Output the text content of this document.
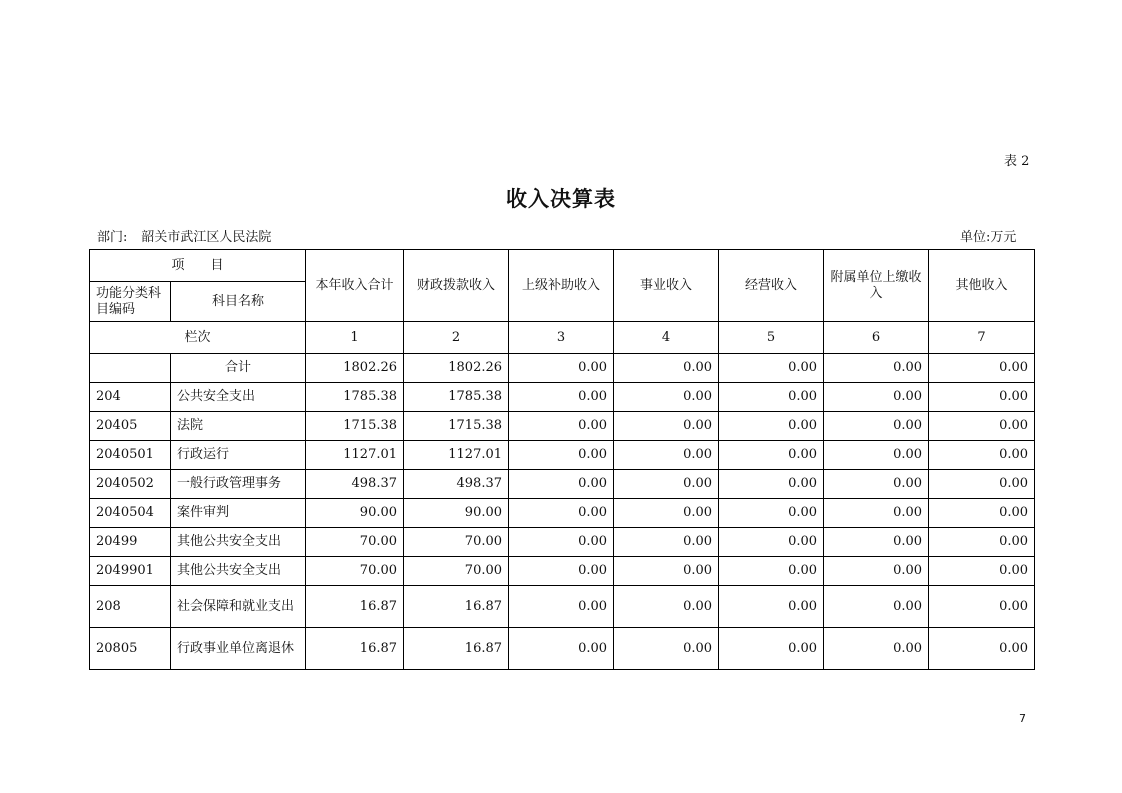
表 2
收入决算表
部门: 韶关市武江区人民法院	单位:万元
项　　目		本年收入合计	财政拨款收入	上级补助收入	事业收入	经营收入	附属单位上缴收入	其他收入
功能分类科目编码	科目名称							
栏次		1	2	3	4	5	6	7
	合计	1802.26	1802.26	0.00	0.00	0.00	0.00	0.00
204	公共安全支出	1785.38	1785.38	0.00	0.00	0.00	0.00	0.00
20405	法院	1715.38	1715.38	0.00	0.00	0.00	0.00	0.00
2040501	行政运行	1127.01	1127.01	0.00	0.00	0.00	0.00	0.00
2040502	一般行政管理事务	498.37	498.37	0.00	0.00	0.00	0.00	0.00
2040504	案件审判	90.00	90.00	0.00	0.00	0.00	0.00	0.00
20499	其他公共安全支出	70.00	70.00	0.00	0.00	0.00	0.00	0.00
2049901	其他公共安全支出	70.00	70.00	0.00	0.00	0.00	0.00	0.00
208	社会保障和就业支出	16.87	16.87	0.00	0.00	0.00	0.00	0.00
20805	行政事业单位离退休	16.87	16.87	0.00	0.00	0.00	0.00	0.00
7
